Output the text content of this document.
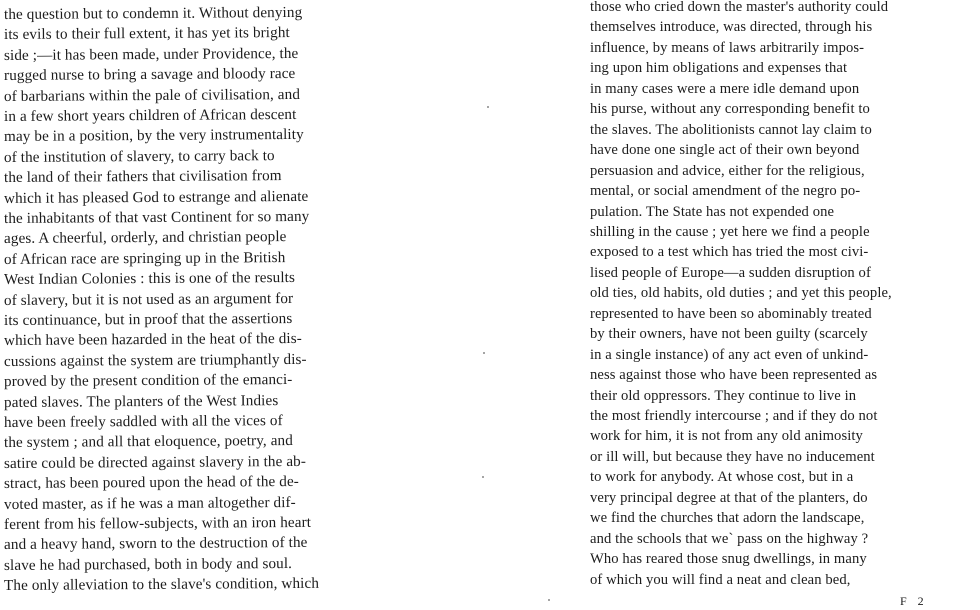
the question but to condemn it. Without denying
its evils to their full extent, it has yet its bright
side ;—it has been made, under Providence, the
rugged nurse to bring a savage and bloody race
of barbarians within the pale of civilisation, and
in a few short years children of African descent
may be in a position, by the very instrumentality
of the institution of slavery, to carry back to
the land of their fathers that civilisation from
which it has pleased God to estrange and alienate
the inhabitants of that vast Continent for so many
ages. A cheerful, orderly, and christian people
of African race are springing up in the British
West Indian Colonies : this is one of the results
of slavery, but it is not used as an argument for
its continuance, but in proof that the assertions
which have been hazarded in the heat of the dis-
cussions against the system are triumphantly dis-
proved by the present condition of the emanci-
pated slaves. The planters of the West Indies
have been freely saddled with all the vices of
the system ; and all that eloquence, poetry, and
satire could be directed against slavery in the ab-
stract, has been poured upon the head of the de-
voted master, as if he was a man altogether dif-
ferent from his fellow-subjects, with an iron heart
and a heavy hand, sworn to the destruction of the
slave he had purchased, both in body and soul.
The only alleviation to the slave's condition, which
those who cried down the master's authority could
themselves introduce, was directed, through his
influence, by means of laws arbitrarily impos-
ing upon him obligations and expenses that
in many cases were a mere idle demand upon
his purse, without any corresponding benefit to
the slaves. The abolitionists cannot lay claim to
have done one single act of their own beyond
persuasion and advice, either for the religious,
mental, or social amendment of the negro po-
pulation. The State has not expended one
shilling in the cause ; yet here we find a people
exposed to a test which has tried the most civi-
lised people of Europe—a sudden disruption of
old ties, old habits, old duties ; and yet this people,
represented to have been so abominably treated
by their owners, have not been guilty (scarcely
in a single instance) of any act even of unkind-
ness against those who have been represented as
their old oppressors. They continue to live in
the most friendly intercourse ; and if they do not
work for him, it is not from any old animosity
or ill will, but because they have no inducement
to work for anybody. At whose cost, but in a
very principal degree at that of the planters, do
we find the churches that adorn the landscape,
and the schools that we` pass on the highway ?
Who has reared those snug dwellings, in many
of which you will find a neat and clean bed,
F 2
